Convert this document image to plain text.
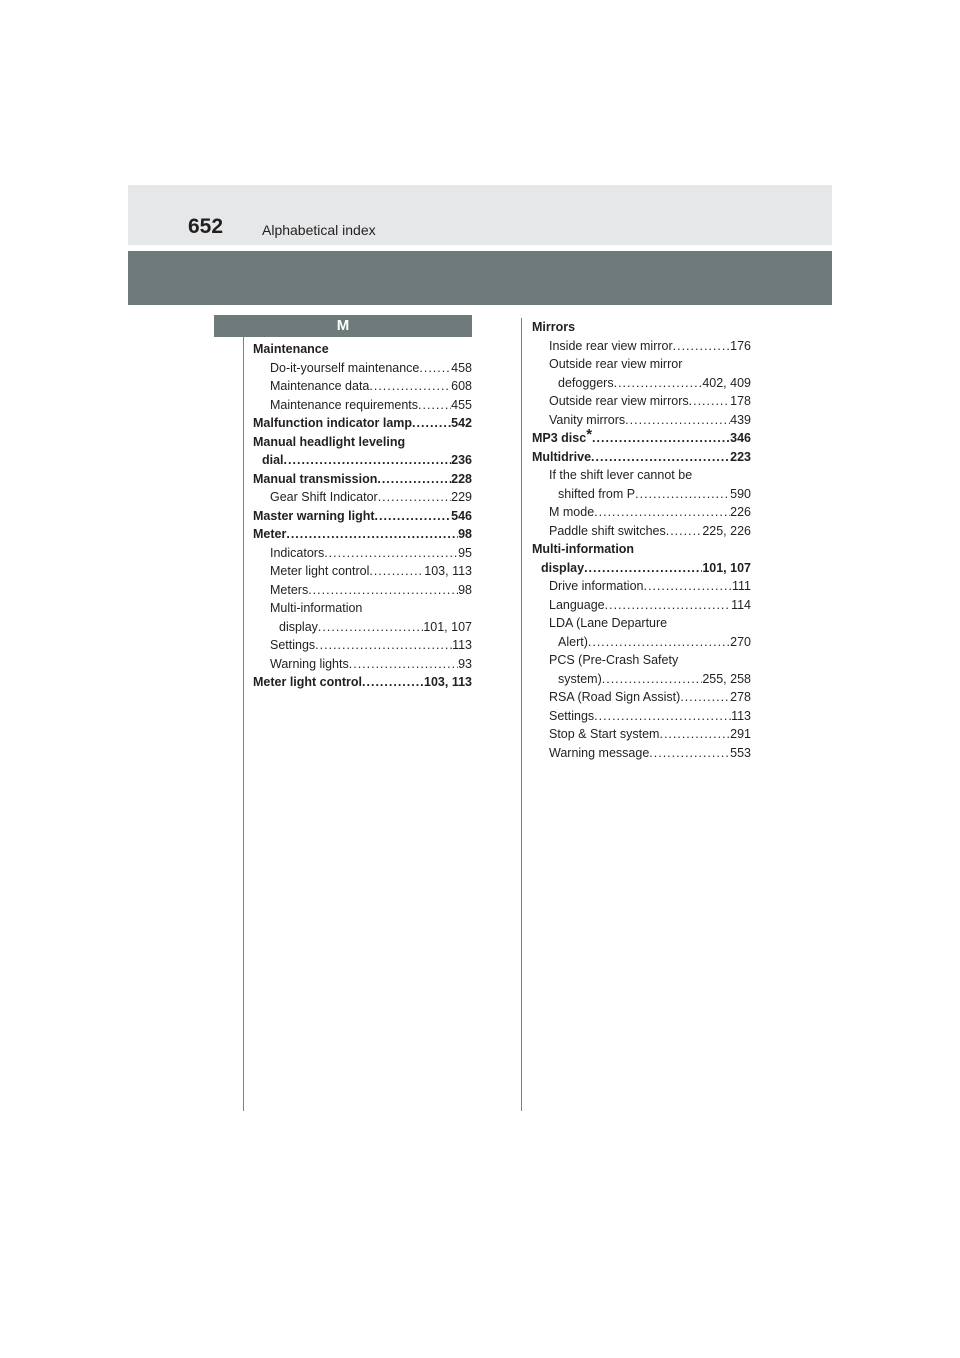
652	Alphabetical index
M
Maintenance
Do-it-yourself maintenance .....	458
Maintenance data .....	608
Maintenance requirements .....	455
Malfunction indicator lamp .....	542
Manual headlight leveling
dial .....	236
Manual transmission .....	228
Gear Shift Indicator .....	229
Master warning light .....	546
Meter .....	98
Indicators .....	95
Meter light control .....	103, 113
Meters .....	98
Multi-information
display .....	101, 107
Settings .....	113
Warning lights .....	93
Meter light control .....	103, 113
Mirrors
Inside rear view mirror .....	176
Outside rear view mirror
defoggers .....	402, 409
Outside rear view mirrors .....	178
Vanity mirrors .....	439
MP3 disc* .....	346
Multidrive .....	223
If the shift lever cannot be
shifted from P .....	590
M mode .....	226
Paddle shift switches .....	225, 226
Multi-information
display .....	101, 107
Drive information .....	111
Language .....	114
LDA (Lane Departure
Alert) .....	270
PCS (Pre-Crash Safety
system) .....	255, 258
RSA (Road Sign Assist) .....	278
Settings .....	113
Stop & Start system .....	291
Warning message .....	553
